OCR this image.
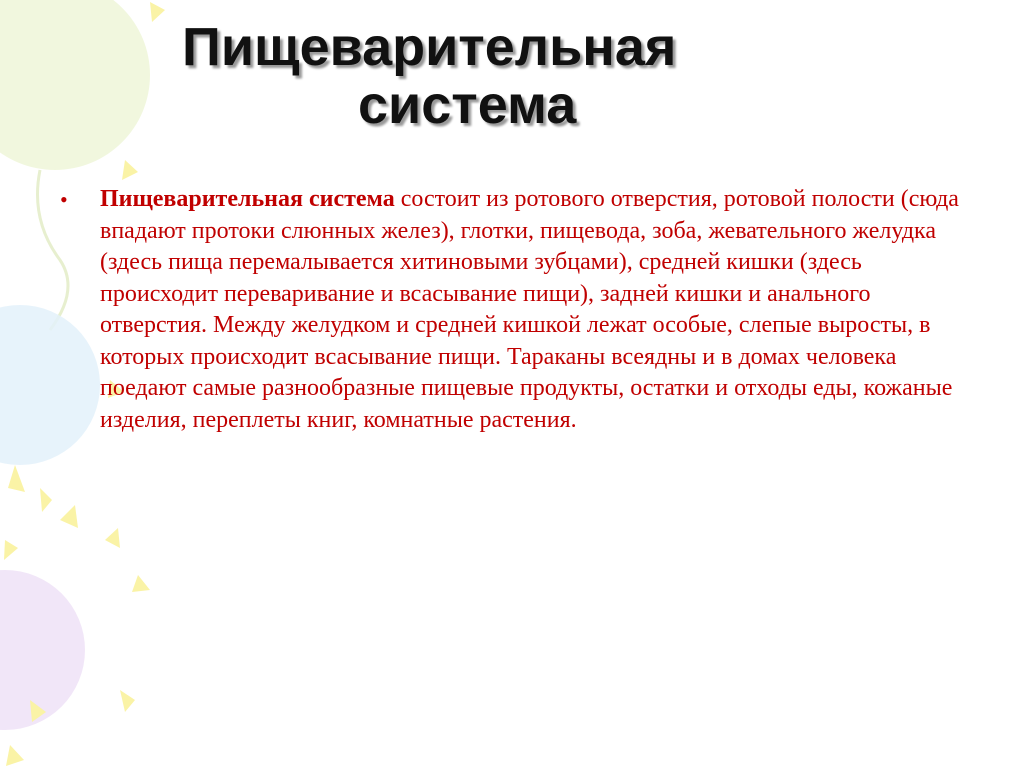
Пищеварительная
система
• Пищеварительная система состоит из ротового отверстия, ротовой полости (сюда впадают протоки слюнных желез), глотки, пищевода, зоба, жевательного желудка (здесь пища перемалывается хитиновыми зубцами), средней кишки (здесь происходит переваривание и всасывание пищи), задней кишки и анального отверстия. Между желудком и средней кишкой лежат особые, слепые выросты, в которых происходит всасывание пищи. Тараканы всеядны и в домах человека поедают самые разнообразные пищевые продукты, остатки и отходы еды, кожаные изделия, переплеты книг, комнатные растения.
